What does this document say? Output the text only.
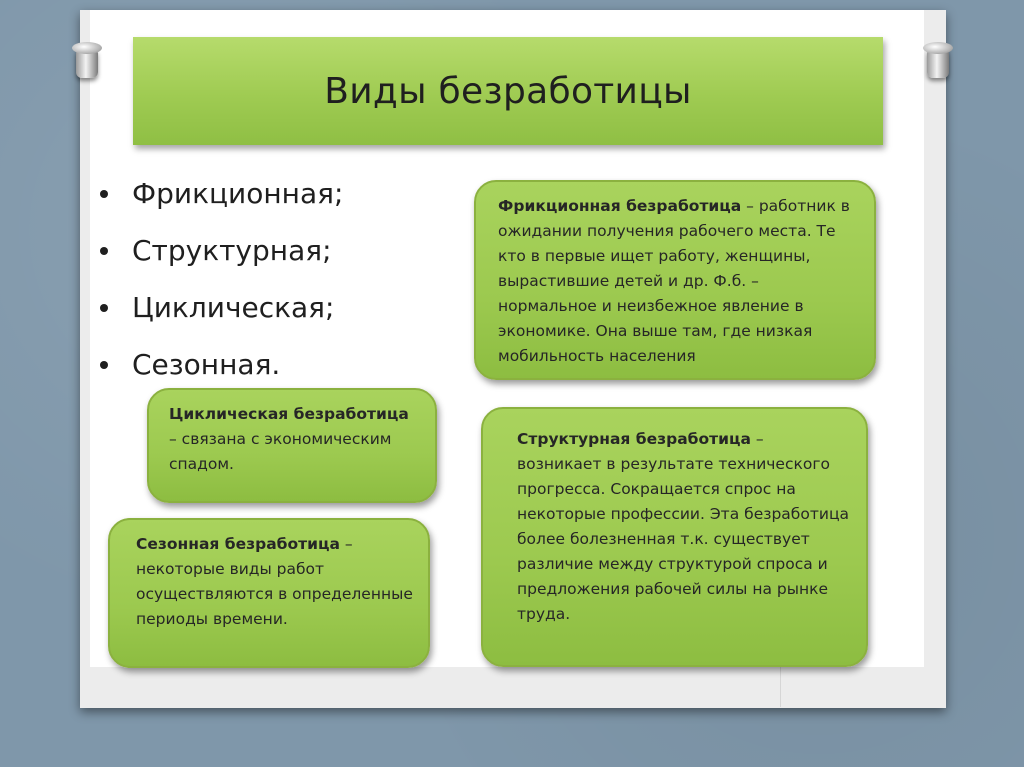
Виды безработицы
Фрикционная;
Структурная;
Циклическая;
Сезонная.
Фрикционная безработица – работник в ожидании получения рабочего места. Те кто в первые ищет работу, женщины, вырастившие детей и др. Ф.б. – нормальное и неизбежное явление в экономике. Она выше там, где низкая мобильность населения
Циклическая безработица – связана с экономическим спадом.
Сезонная безработица – некоторые виды работ осуществляются в определенные периоды времени.
Структурная безработица – возникает в результате технического прогресса. Сокращается спрос на некоторые профессии. Эта безработица более болезненная т.к. существует различие между структурой спроса и предложения рабочей силы на рынке труда.
